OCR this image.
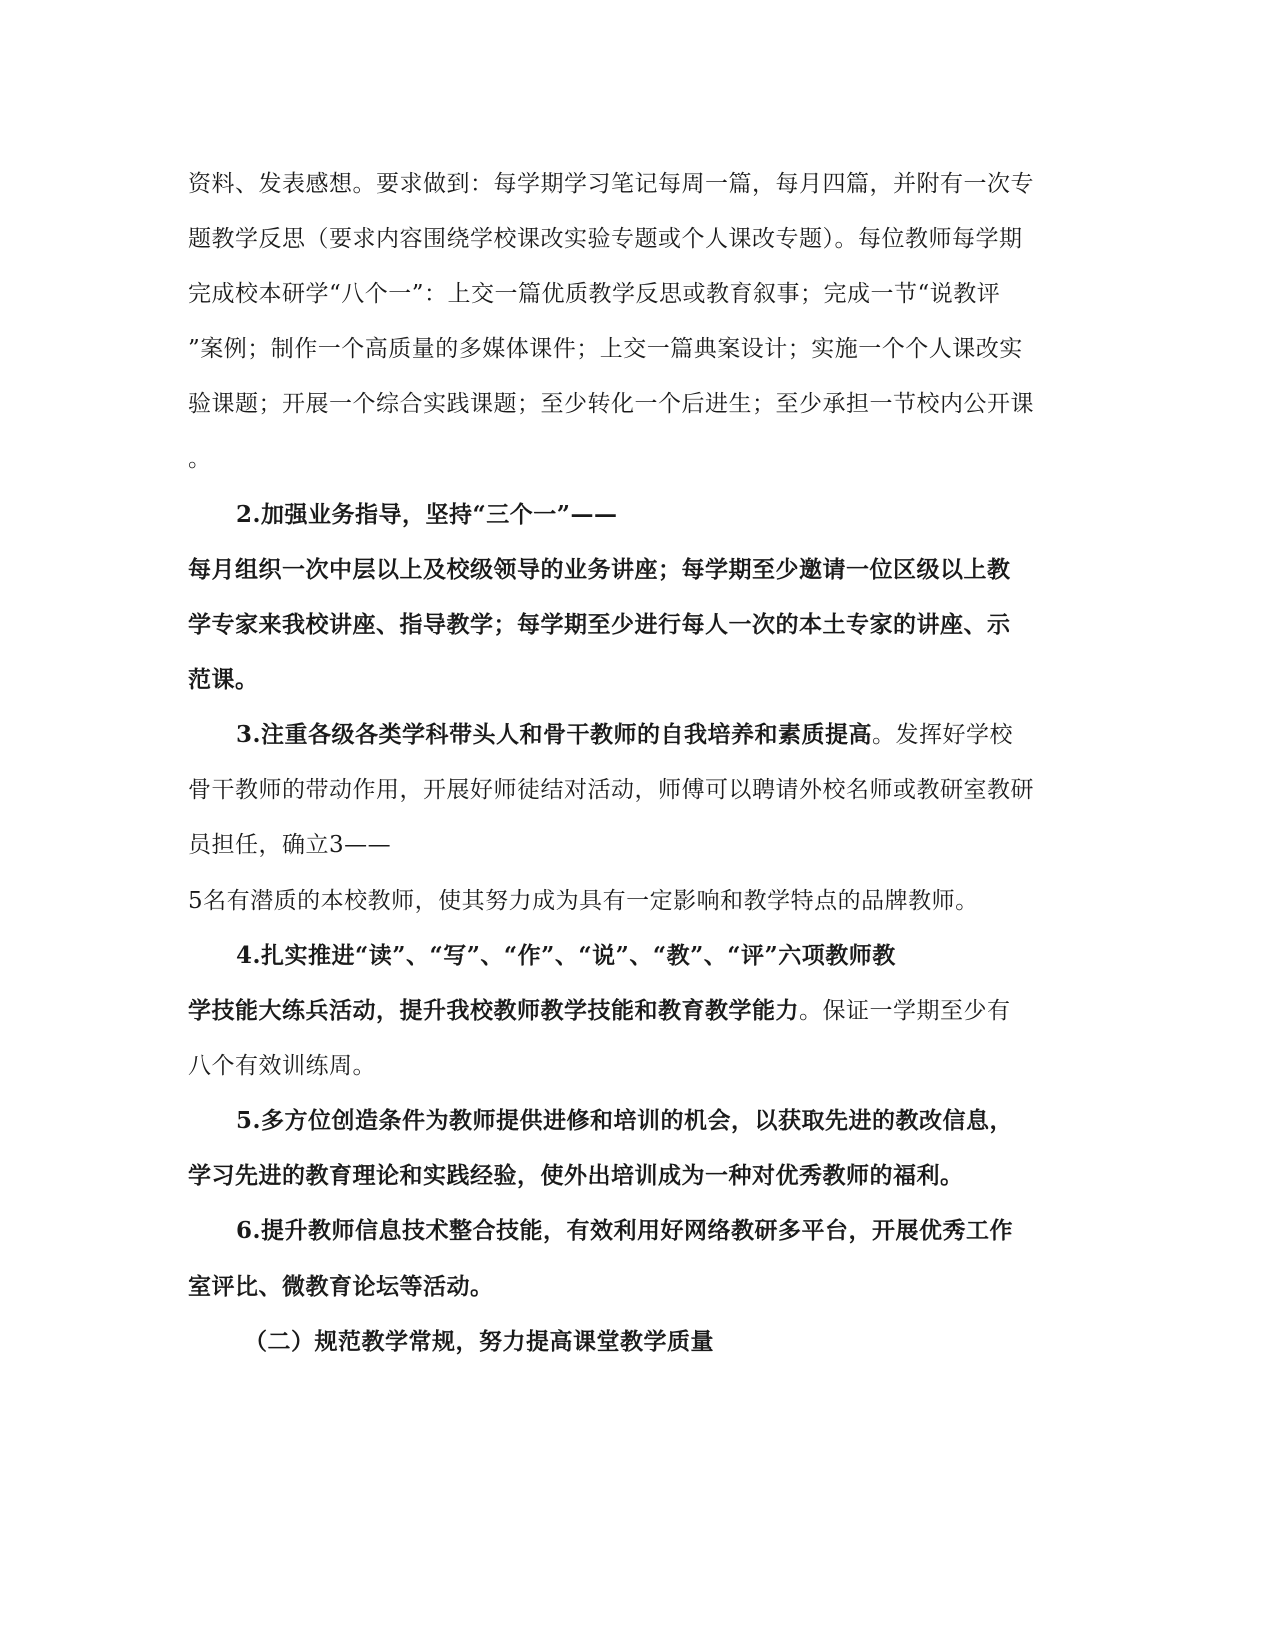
资料、发表感想。要求做到：每学期学习笔记每周一篇，每月四篇，并附有一次专
题教学反思（要求内容围绕学校课改实验专题或个人课改专题）。每位教师每学期
完成校本研学“八个一”：上交一篇优质教学反思或教育叙事；完成一节“说教评
”案例；制作一个高质量的多媒体课件；上交一篇典案设计；实施一个个人课改实
验课题；开展一个综合实践课题；至少转化一个后进生；至少承担一节校内公开课
。
2.加强业务指导，坚持“三个一”——
每月组织一次中层以上及校级领导的业务讲座；每学期至少邀请一位区级以上教
学专家来我校讲座、指导教学；每学期至少进行每人一次的本土专家的讲座、示
范课。
3.注重各级各类学科带头人和骨干教师的自我培养和素质提高。发挥好学校
骨干教师的带动作用，开展好师徒结对活动，师傅可以聘请外校名师或教研室教研
员担任，确立3——
5名有潜质的本校教师，使其努力成为具有一定影响和教学特点的品牌教师。
4.扎实推进“读”、“写”、“作”、“说”、“教”、“评”六项教师教
学技能大练兵活动，提升我校教师教学技能和教育教学能力。保证一学期至少有
八个有效训练周。
5.多方位创造条件为教师提供进修和培训的机会，以获取先进的教改信息，
学习先进的教育理论和实践经验，使外出培训成为一种对优秀教师的福利。
6.提升教师信息技术整合技能，有效利用好网络教研多平台，开展优秀工作
室评比、微教育论坛等活动。
（二）规范教学常规，努力提高课堂教学质量
